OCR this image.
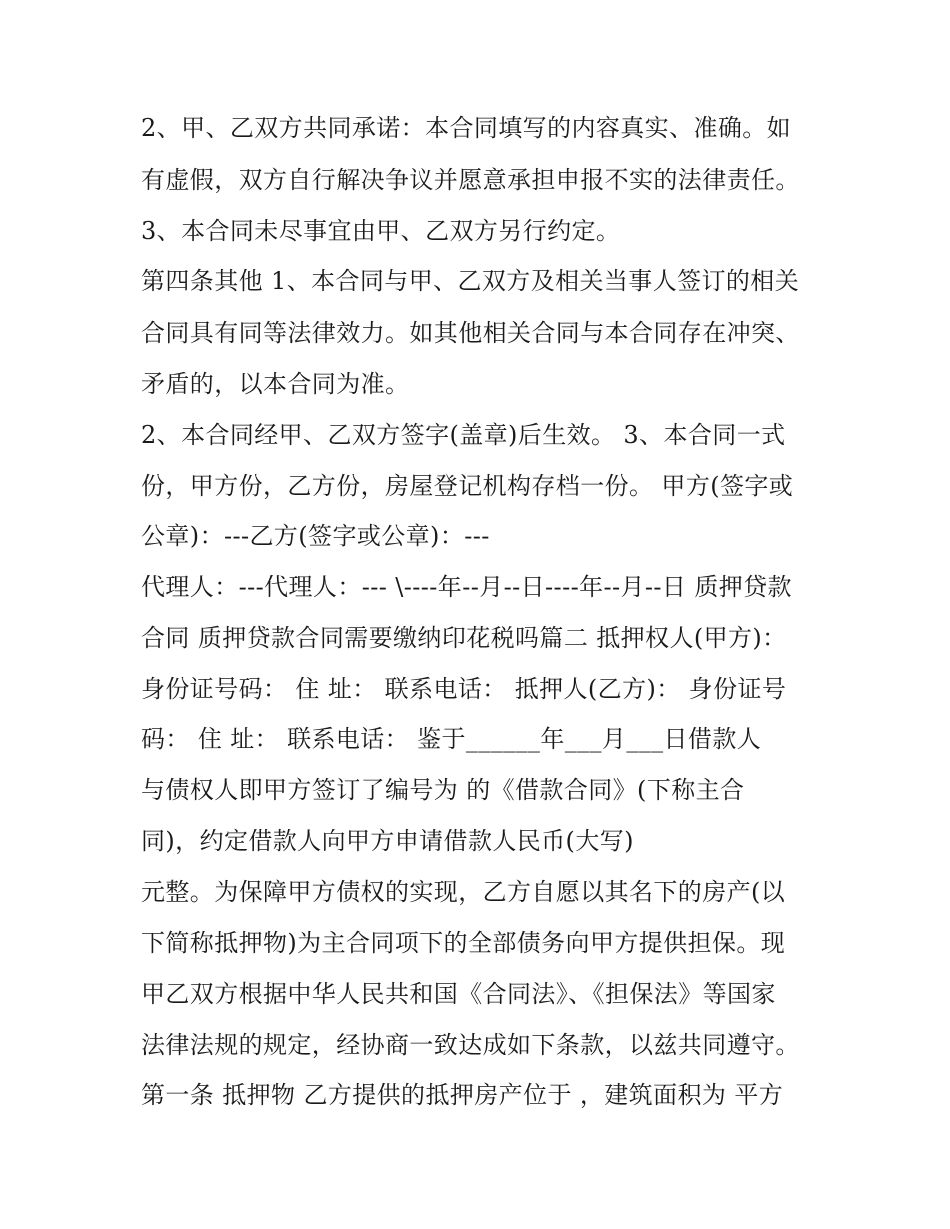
2、甲、乙双方共同承诺：本合同填写的内容真实、准确。如

有虚假，双方自行解决争议并愿意承担申报不实的法律责任。

3、本合同未尽事宜由甲、乙双方另行约定。

第四条其他 1、本合同与甲、乙双方及相关当事人签订的相关

合同具有同等法律效力。如其他相关合同与本合同存在冲突、

矛盾的，以本合同为准。

2、本合同经甲、乙双方签字(盖章)后生效。 3、本合同一式

份，甲方份，乙方份，房屋登记机构存档一份。 甲方(签字或

公章)：---乙方(签字或公章)：---

代理人：---代理人：--- \----年--月--日----年--月--日 质押贷款

合同 质押贷款合同需要缴纳印花税吗篇二 抵押权人(甲方)：

身份证号码： 住 址： 联系电话： 抵押人(乙方)： 身份证号

码： 住 址： 联系电话： 鉴于______年___月___日借款人

与债权人即甲方签订了编号为 的《借款合同》(下称主合

同)，约定借款人向甲方申请借款人民币(大写)

元整。为保障甲方债权的实现，乙方自愿以其名下的房产(以

下简称抵押物)为主合同项下的全部债务向甲方提供担保。现

甲乙双方根据中华人民共和国《合同法》、《担保法》等国家

法律法规的规定，经协商一致达成如下条款，以兹共同遵守。

第一条 抵押物 乙方提供的抵押房产位于 ，建筑面积为 平方
